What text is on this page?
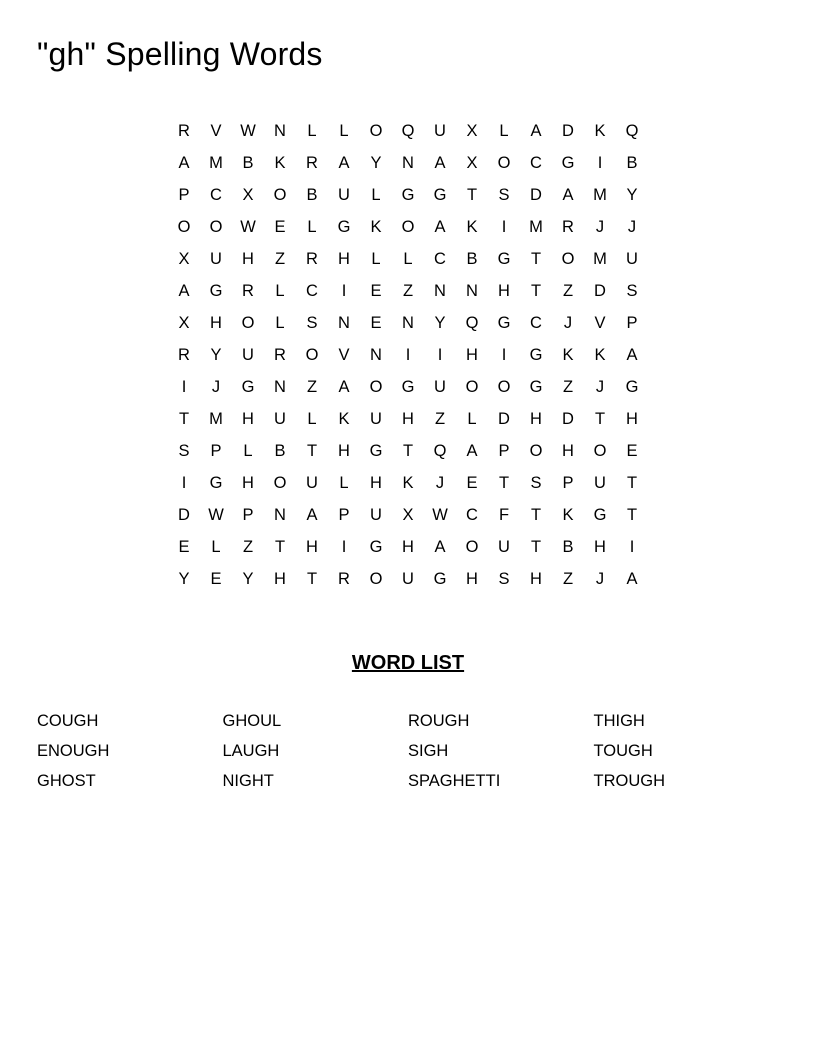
"gh" Spelling Words
R	V	W	N	L	L	O	Q	U	X	L	A	D	K	Q
A	M	B	K	R	A	Y	N	A	X	O	C	G	I	B
P	C	X	O	B	U	L	G	G	T	S	D	A	M	Y
O	O	W	E	L	G	K	O	A	K	I	M	R	J	J
X	U	H	Z	R	H	L	L	C	B	G	T	O	M	U
A	G	R	L	C	I	E	Z	N	N	H	T	Z	D	S
X	H	O	L	S	N	E	N	Y	Q	G	C	J	V	P
R	Y	U	R	O	V	N	I	I	H	I	G	K	K	A
I	J	G	N	Z	A	O	G	U	O	O	G	Z	J	G
T	M	H	U	L	K	U	H	Z	L	D	H	D	T	H
S	P	L	B	T	H	G	T	Q	A	P	O	H	O	E
I	G	H	O	U	L	H	K	J	E	T	S	P	U	T
D	W	P	N	A	P	U	X	W	C	F	T	K	G	T
E	L	Z	T	H	I	G	H	A	O	U	T	B	H	I
Y	E	Y	H	T	R	O	U	G	H	S	H	Z	J	A
WORD LIST
COUGH	GHOUL	ROUGH	THIGH
ENOUGH	LAUGH	SIGH	TOUGH
GHOST	NIGHT	SPAGHETTI	TROUGH
